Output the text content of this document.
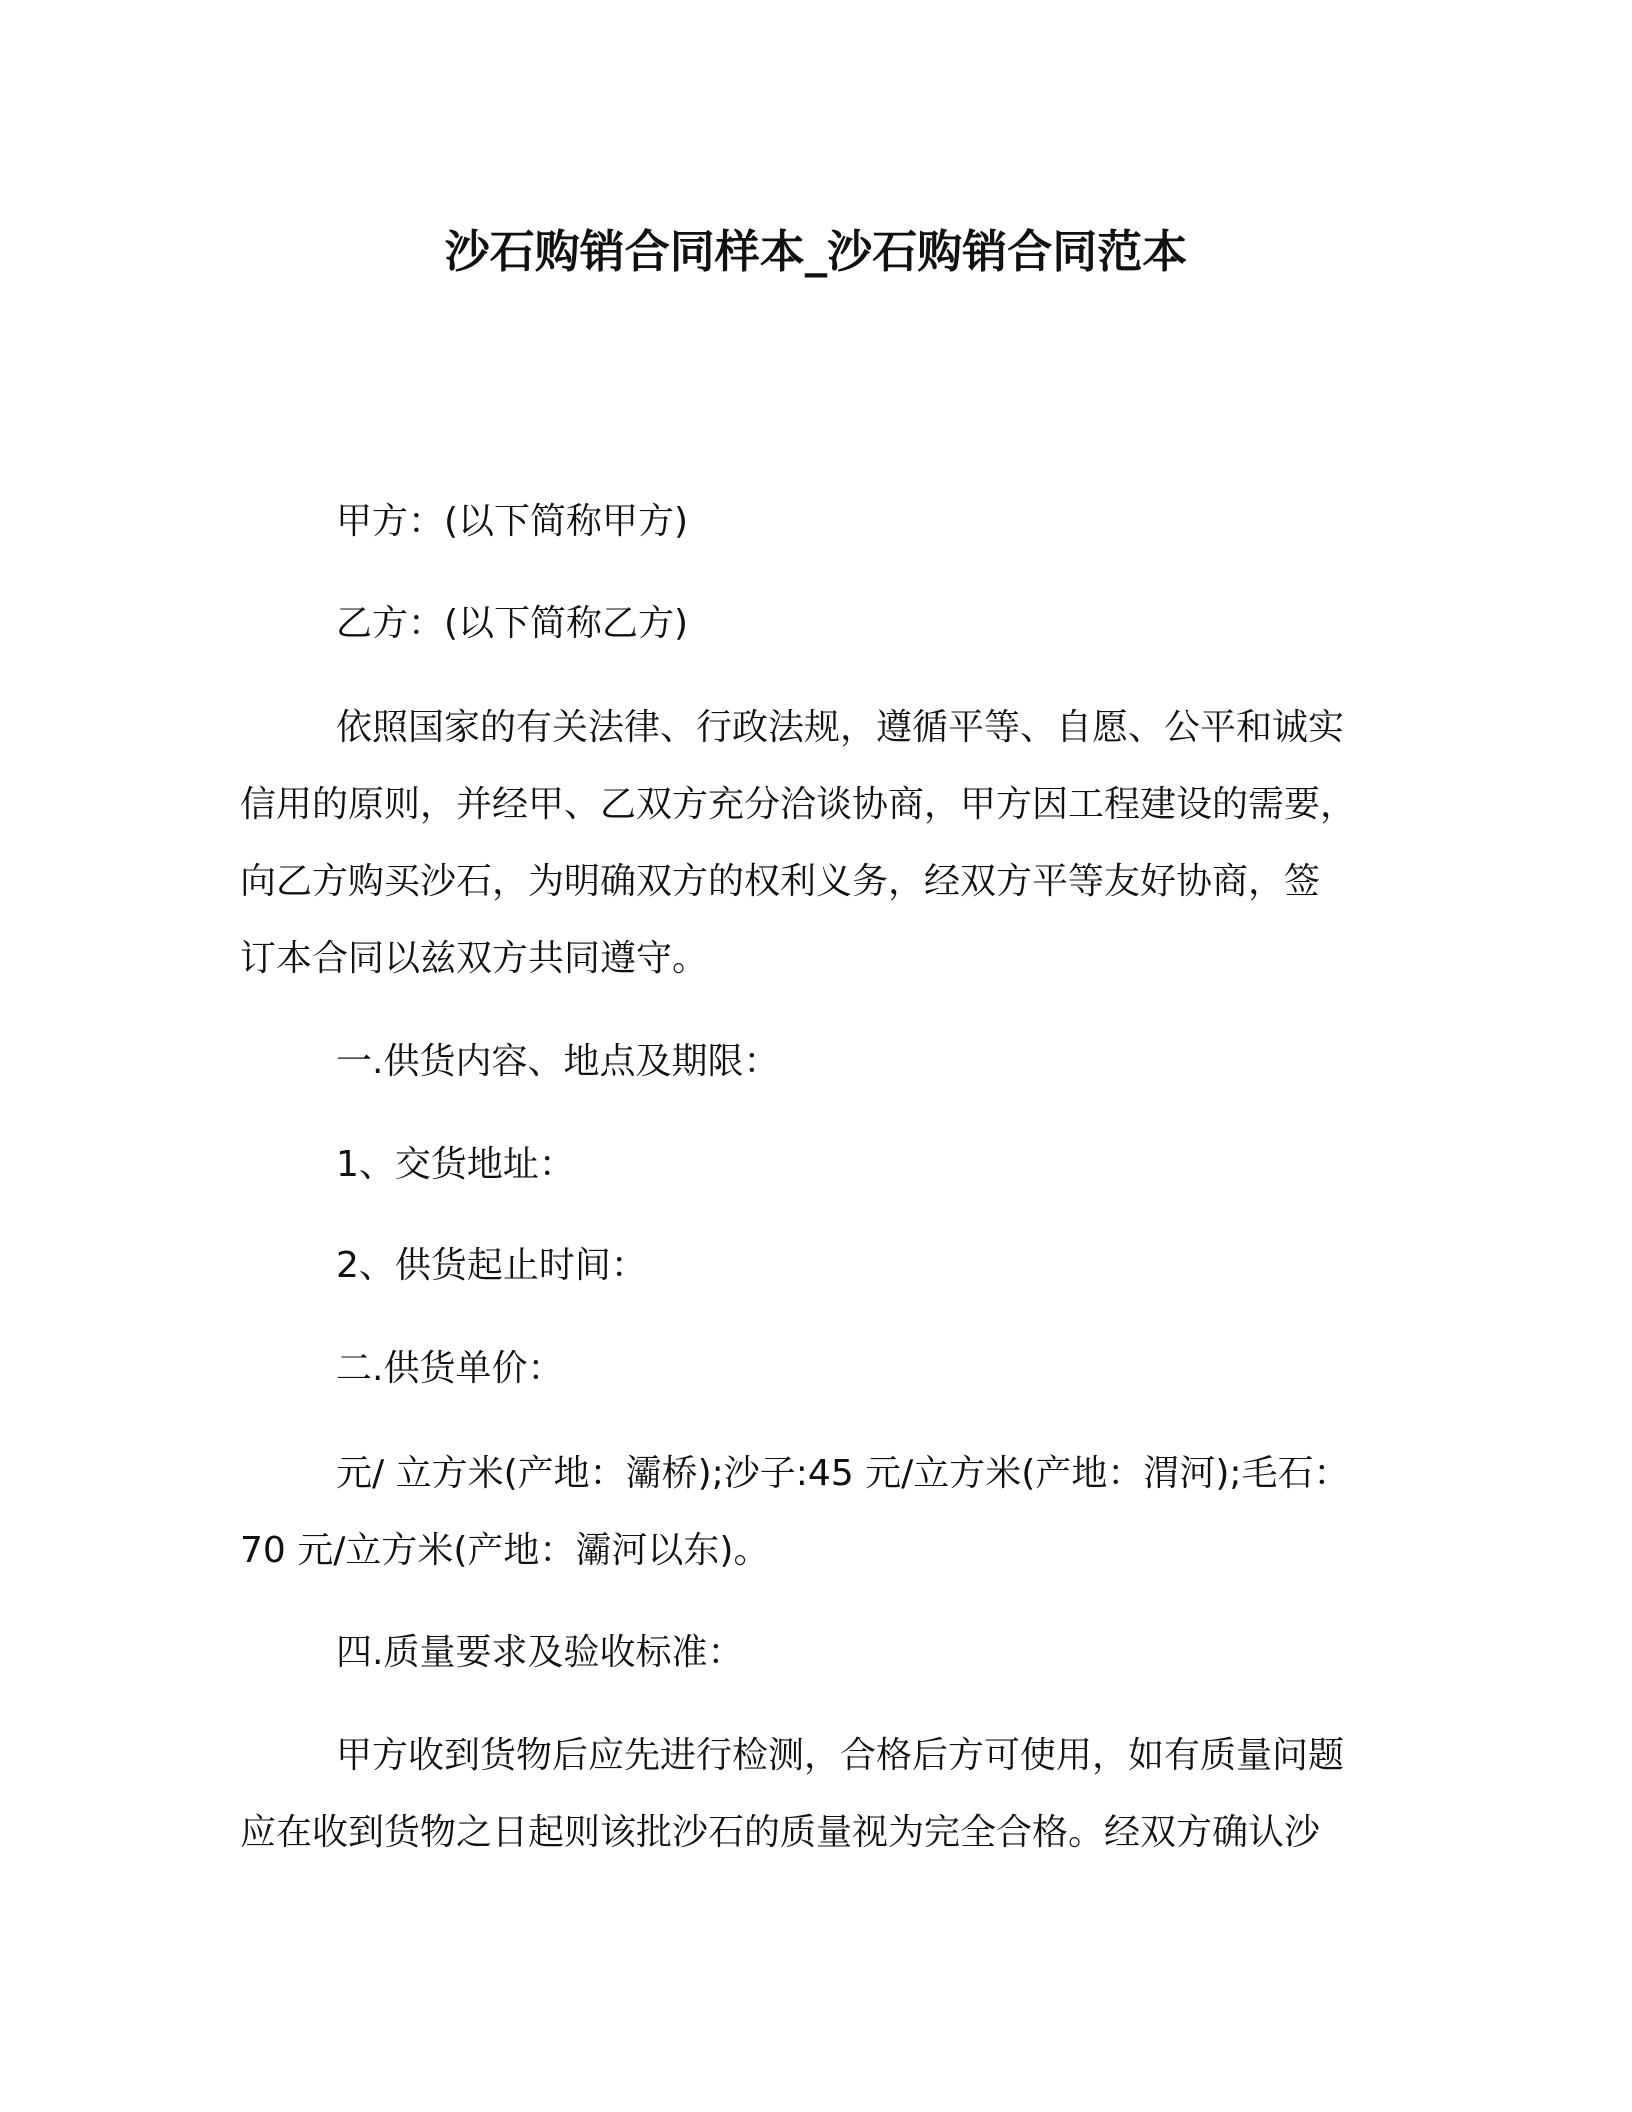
沙石购销合同样本_沙石购销合同范本
甲方：(以下简称甲方)
乙方：(以下简称乙方)
依照国家的有关法律、行政法规，遵循平等、自愿、公平和诚实
信用的原则，并经甲、乙双方充分洽谈协商，甲方因工程建设的需要，
向乙方购买沙石，为明确双方的权利义务，经双方平等友好协商，签
订本合同以兹双方共同遵守。
一.供货内容、地点及期限：
1、交货地址：
2、供货起止时间：
二.供货单价：
元/ 立方米(产地：灞桥);沙子:45 元/立方米(产地：渭河);毛石：
70 元/立方米(产地：灞河以东)。
四.质量要求及验收标准：
甲方收到货物后应先进行检测，合格后方可使用，如有质量问题
应在收到货物之日起则该批沙石的质量视为完全合格。经双方确认沙
